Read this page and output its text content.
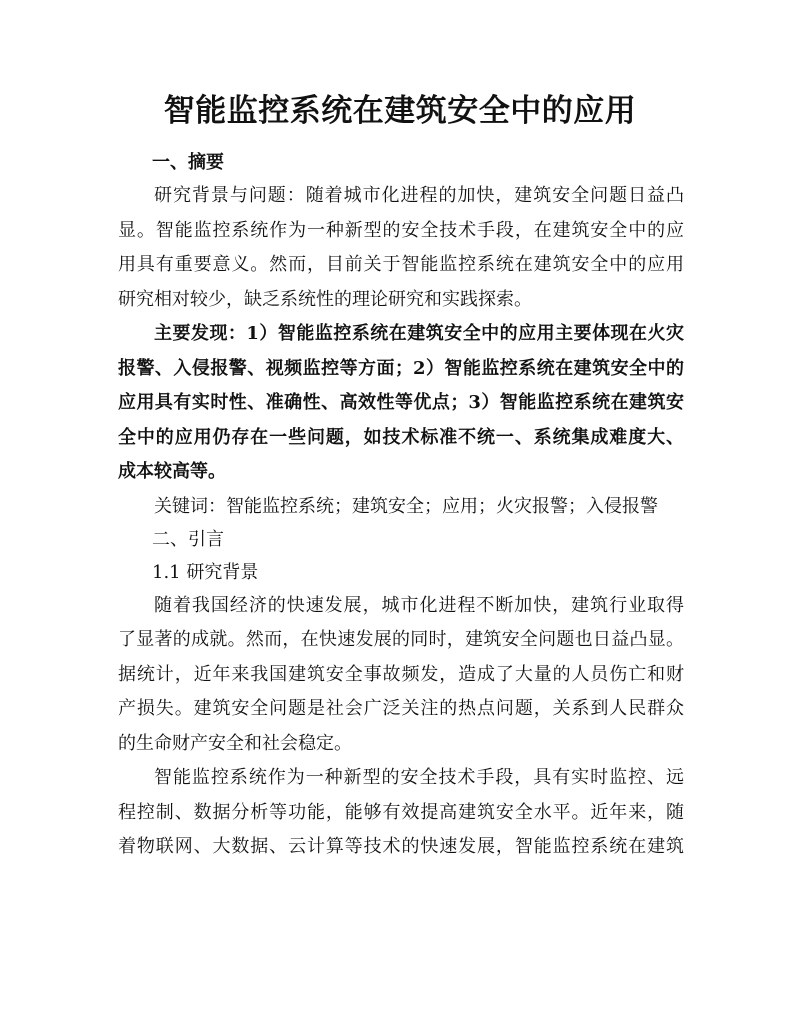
智能监控系统在建筑安全中的应用
一、摘要
研究背景与问题：随着城市化进程的加快，建筑安全问题日益凸
显。智能监控系统作为一种新型的安全技术手段，在建筑安全中的应
用具有重要意义。然而，目前关于智能监控系统在建筑安全中的应用
研究相对较少，缺乏系统性的理论研究和实践探索。
主要发现：1）智能监控系统在建筑安全中的应用主要体现在火灾
报警、入侵报警、视频监控等方面；2）智能监控系统在建筑安全中的
应用具有实时性、准确性、高效性等优点；3）智能监控系统在建筑安
全中的应用仍存在一些问题，如技术标准不统一、系统集成难度大、
成本较高等。
关键词：智能监控系统；建筑安全；应用；火灾报警；入侵报警
二、引言
1.1 研究背景
随着我国经济的快速发展，城市化进程不断加快，建筑行业取得
了显著的成就。然而，在快速发展的同时，建筑安全问题也日益凸显。
据统计，近年来我国建筑安全事故频发，造成了大量的人员伤亡和财
产损失。建筑安全问题是社会广泛关注的热点问题，关系到人民群众
的生命财产安全和社会稳定。
智能监控系统作为一种新型的安全技术手段，具有实时监控、远
程控制、数据分析等功能，能够有效提高建筑安全水平。近年来，随
着物联网、大数据、云计算等技术的快速发展，智能监控系统在建筑
